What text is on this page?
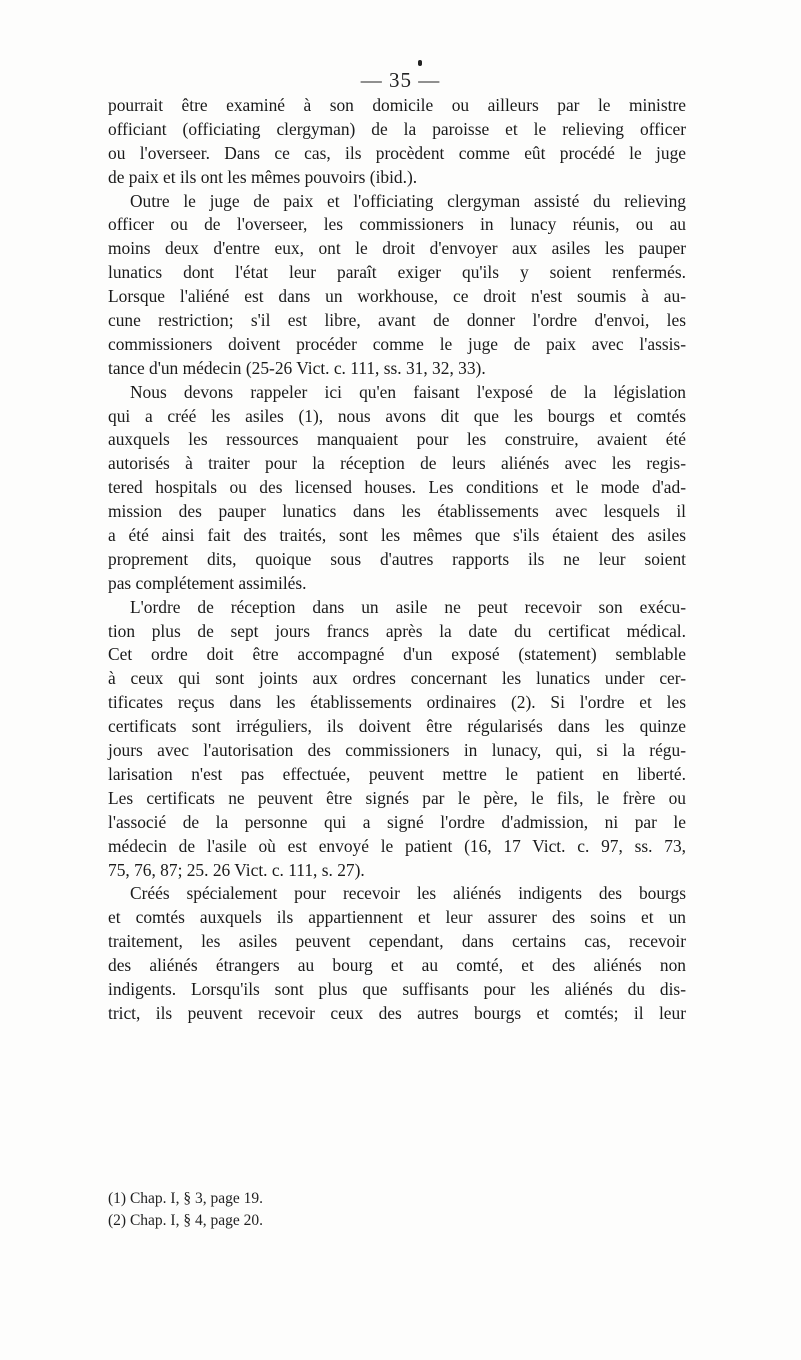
— 35 —
pourrait être examiné à son domicile ou ailleurs par le ministre
officiant (officiating clergyman) de la paroisse et le relieving officer
ou l'overseer. Dans ce cas, ils procèdent comme eût procédé le juge
de paix et ils ont les mêmes pouvoirs (ibid.).
Outre le juge de paix et l'officiating clergyman assisté du relieving
officer ou de l'overseer, les commissioners in lunacy réunis, ou au
moins deux d'entre eux, ont le droit d'envoyer aux asiles les pauper
lunatics dont l'état leur paraît exiger qu'ils y soient renfermés.
Lorsque l'aliéné est dans un workhouse, ce droit n'est soumis à au-
cune restriction; s'il est libre, avant de donner l'ordre d'envoi, les
commissioners doivent procéder comme le juge de paix avec l'assis-
tance d'un médecin (25-26 Vict. c. 111, ss. 31, 32, 33).
Nous devons rappeler ici qu'en faisant l'exposé de la législation
qui a créé les asiles (1), nous avons dit que les bourgs et comtés
auxquels les ressources manquaient pour les construire, avaient été
autorisés à traiter pour la réception de leurs aliénés avec les regis-
tered hospitals ou des licensed houses. Les conditions et le mode d'ad-
mission des pauper lunatics dans les établissements avec lesquels il
a été ainsi fait des traités, sont les mêmes que s'ils étaient des asiles
proprement dits, quoique sous d'autres rapports ils ne leur soient
pas complétement assimilés.
L'ordre de réception dans un asile ne peut recevoir son exécu-
tion plus de sept jours francs après la date du certificat médical.
Cet ordre doit être accompagné d'un exposé (statement) semblable
à ceux qui sont joints aux ordres concernant les lunatics under cer-
tificates reçus dans les établissements ordinaires (2). Si l'ordre et les
certificats sont irréguliers, ils doivent être régularisés dans les quinze
jours avec l'autorisation des commissioners in lunacy, qui, si la régu-
larisation n'est pas effectuée, peuvent mettre le patient en liberté.
Les certificats ne peuvent être signés par le père, le fils, le frère ou
l'associé de la personne qui a signé l'ordre d'admission, ni par le
médecin de l'asile où est envoyé le patient (16, 17 Vict. c. 97, ss. 73,
75, 76, 87; 25. 26 Vict. c. 111, s. 27).
Créés spécialement pour recevoir les aliénés indigents des bourgs
et comtés auxquels ils appartiennent et leur assurer des soins et un
traitement, les asiles peuvent cependant, dans certains cas, recevoir
des aliénés étrangers au bourg et au comté, et des aliénés non
indigents. Lorsqu'ils sont plus que suffisants pour les aliénés du dis-
trict, ils peuvent recevoir ceux des autres bourgs et comtés; il leur
(1) Chap. I, § 3, page 19.
(2) Chap. I, § 4, page 20.
